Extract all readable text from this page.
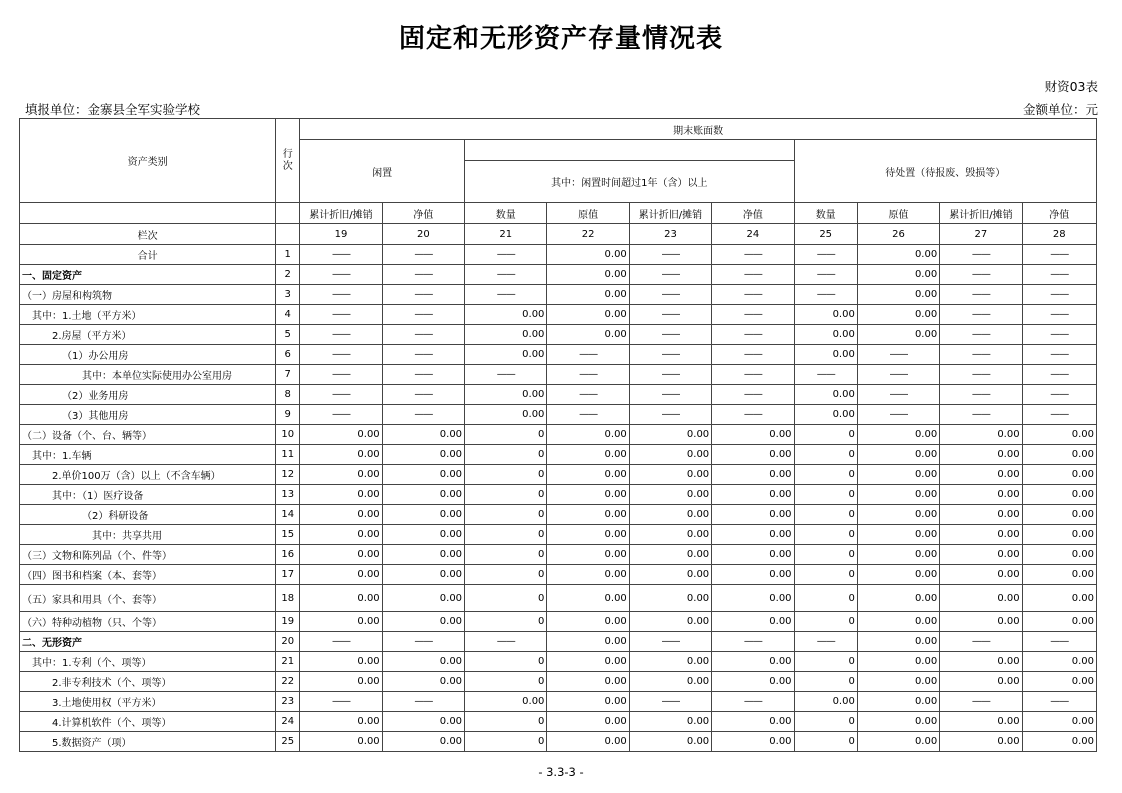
固定和无形资产存量情况表
财资03表
填报单位：金寨县全军实验学校	金额单位：元
资产类别	行次	期末账面数									
		闲置						待处置（待报废、毁损等）			
				其中：闲置时间超过1年（含）以上							
		累计折旧/摊销	净值	数量	原值	累计折旧/摊销	净值	数量	原值	累计折旧/摊销	净值
栏次		19	20	21	22	23	24	25	26	27	28
合计	1	——	——	——	0.00	——	——	——	0.00	——	——
一、固定资产	2	——	——	——	0.00	——	——	——	0.00	——	——
（一）房屋和构筑物	3	——	——	——	0.00	——	——	——	0.00	——	——
其中：1.土地（平方米）	4	——	——	0.00	0.00	——	——	0.00	0.00	——	——
2.房屋（平方米）	5	——	——	0.00	0.00	——	——	0.00	0.00	——	——
（1）办公用房	6	——	——	0.00	——	——	——	0.00	——	——	——
其中：本单位实际使用办公室用房	7	——	——	——	——	——	——	——	——	——	——
（2）业务用房	8	——	——	0.00	——	——	——	0.00	——	——	——
（3）其他用房	9	——	——	0.00	——	——	——	0.00	——	——	——
（二）设备（个、台、辆等）	10	0.00	0.00	0	0.00	0.00	0.00	0	0.00	0.00	0.00
其中：1.车辆	11	0.00	0.00	0	0.00	0.00	0.00	0	0.00	0.00	0.00
2.单价100万（含）以上（不含车辆）	12	0.00	0.00	0	0.00	0.00	0.00	0	0.00	0.00	0.00
其中：（1）医疗设备	13	0.00	0.00	0	0.00	0.00	0.00	0	0.00	0.00	0.00
（2）科研设备	14	0.00	0.00	0	0.00	0.00	0.00	0	0.00	0.00	0.00
其中：共享共用	15	0.00	0.00	0	0.00	0.00	0.00	0	0.00	0.00	0.00
（三）文物和陈列品（个、件等）	16	0.00	0.00	0	0.00	0.00	0.00	0	0.00	0.00	0.00
（四）图书和档案（本、套等）	17	0.00	0.00	0	0.00	0.00	0.00	0	0.00	0.00	0.00
（五）家具和用具（个、套等）	18	0.00	0.00	0	0.00	0.00	0.00	0	0.00	0.00	0.00
（六）特种动植物（只、个等）	19	0.00	0.00	0	0.00	0.00	0.00	0	0.00	0.00	0.00
二、无形资产	20	——	——	——	0.00	——	——	——	0.00	——	——
其中：1.专利（个、项等）	21	0.00	0.00	0	0.00	0.00	0.00	0	0.00	0.00	0.00
2.非专利技术（个、项等）	22	0.00	0.00	0	0.00	0.00	0.00	0	0.00	0.00	0.00
3.土地使用权（平方米）	23	——	——	0.00	0.00	——	——	0.00	0.00	——	——
4.计算机软件（个、项等）	24	0.00	0.00	0	0.00	0.00	0.00	0	0.00	0.00	0.00
5.数据资产（项）	25	0.00	0.00	0	0.00	0.00	0.00	0	0.00	0.00	0.00
- 3.3-3 -
